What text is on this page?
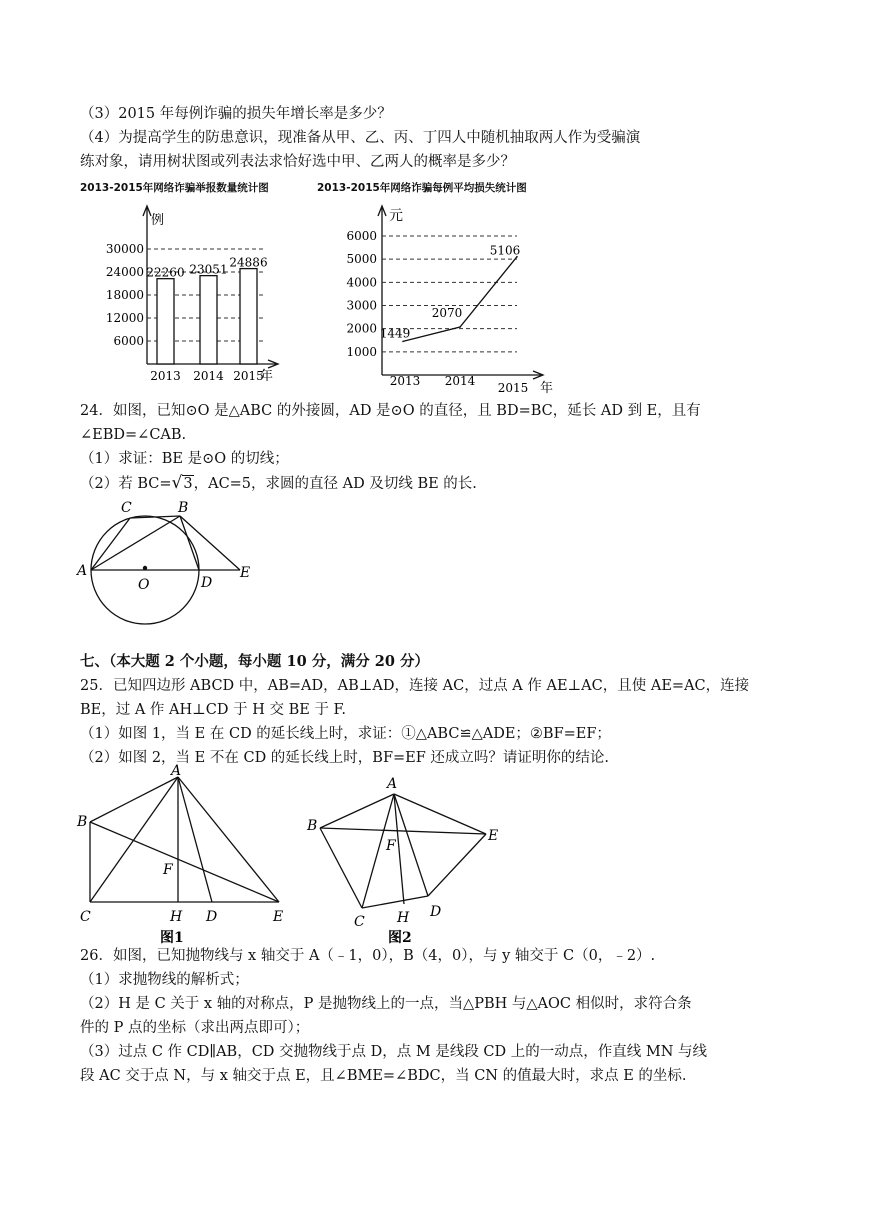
（3）2015 年每例诈骗的损失年增长率是多少？
（4）为提高学生的防患意识，现准备从甲、乙、丙、丁四人中随机抽取两人作为受骗演
练对象，请用树状图或列表法求恰好选中甲、乙两人的概率是多少？
2013-2015年网络诈骗举报数量统计图	2013-2015年网络诈骗每例平均损失统计图
例
年
30000
24000
18000
12000
6000
22260
2013
23051
2014
24886
2015
元
年
6000
5000
4000
3000
2000
1000
1449
2070
5106
2013 2014 2015
24．如图，已知⊙O 是△ABC 的外接圆，AD 是⊙O 的直径，且 BD=BC，延长 AD 到 E，且有
∠EBD=∠CAB.
（1）求证：BE 是⊙O 的切线；
（2）若 BC=√3，AC=5，求圆的直径 AD 及切线 BE 的长.
C	B
A
O	D
E
七、（本大题 2 个小题，每小题 10 分，满分 20 分）
25．已知四边形 ABCD 中，AB=AD，AB⊥AD，连接 AC，过点 A 作 AE⊥AC，且使 AE=AC，连接
BE，过 A 作 AH⊥CD 于 H 交 BE 于 F.
（1）如图 1，当 E 在 CD 的延长线上时，求证：①△ABC≌△ADE；②BF=EF；
（2）如图 2，当 E 不在 CD 的延长线上时，BF=EF 还成立吗？请证明你的结论.
A
B
F
C	H D	E
图1
A
B
E
F
C H D
图2
26．如图，已知抛物线与 x 轴交于 A（﹣1，0），B（4，0），与 y 轴交于 C（0，﹣2）.
（1）求抛物线的解析式；
（2）H 是 C 关于 x 轴的对称点，P 是抛物线上的一点，当△PBH 与△AOC 相似时，求符合条
件的 P 点的坐标（求出两点即可）；
（3）过点 C 作 CD∥AB，CD 交抛物线于点 D，点 M 是线段 CD 上的一动点，作直线 MN 与线
段 AC 交于点 N，与 x 轴交于点 E，且∠BME=∠BDC，当 CN 的值最大时，求点 E 的坐标.
